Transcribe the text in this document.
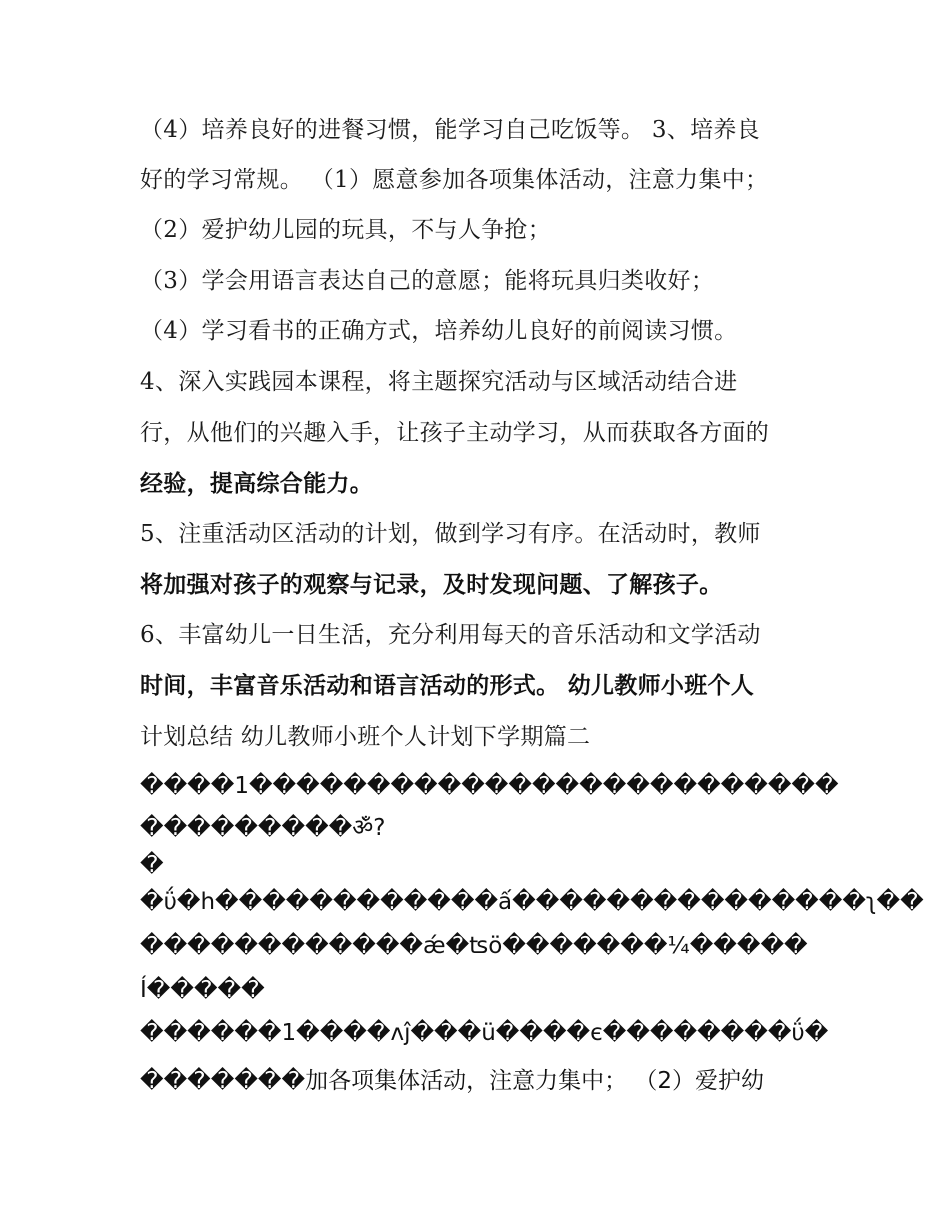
（4）培养良好的进餐习惯，能学习自己吃饭等。 3、培养良
好的学习常规。 （1）愿意参加各项集体活动，注意力集中；
（2）爱护幼儿园的玩具，不与人争抢；
（3）学会用语言表达自己的意愿；能将玩具归类收好；
（4）学习看书的正确方式，培养幼儿良好的前阅读习惯。
4、深入实践园本课程，将主题探究活动与区域活动结合进
行，从他们的兴趣入手，让孩子主动学习，从而获取各方面的
经验，提高综合能力。
5、注重活动区活动的计划，做到学习有序。在活动时，教师
将加强对孩子的观察与记录，及时发现问题、了解孩子。
6、丰富幼儿一日生活，充分利用每天的音乐活动和文学活动
时间，丰富音乐活动和语言活动的形式。 幼儿教师小班个人
计划总结 幼儿教师小班个人计划下学期篇二
����1�������������������������
���������ॐ̀?
�
�ΰ�h������������ấ���������������ʅ��
������������ǽ�ʦö�������¼�����
Í�����
������1����ʌĵ���ü����є��������ΰ�
�������加各项集体活动，注意力集中； （2）爱护幼
